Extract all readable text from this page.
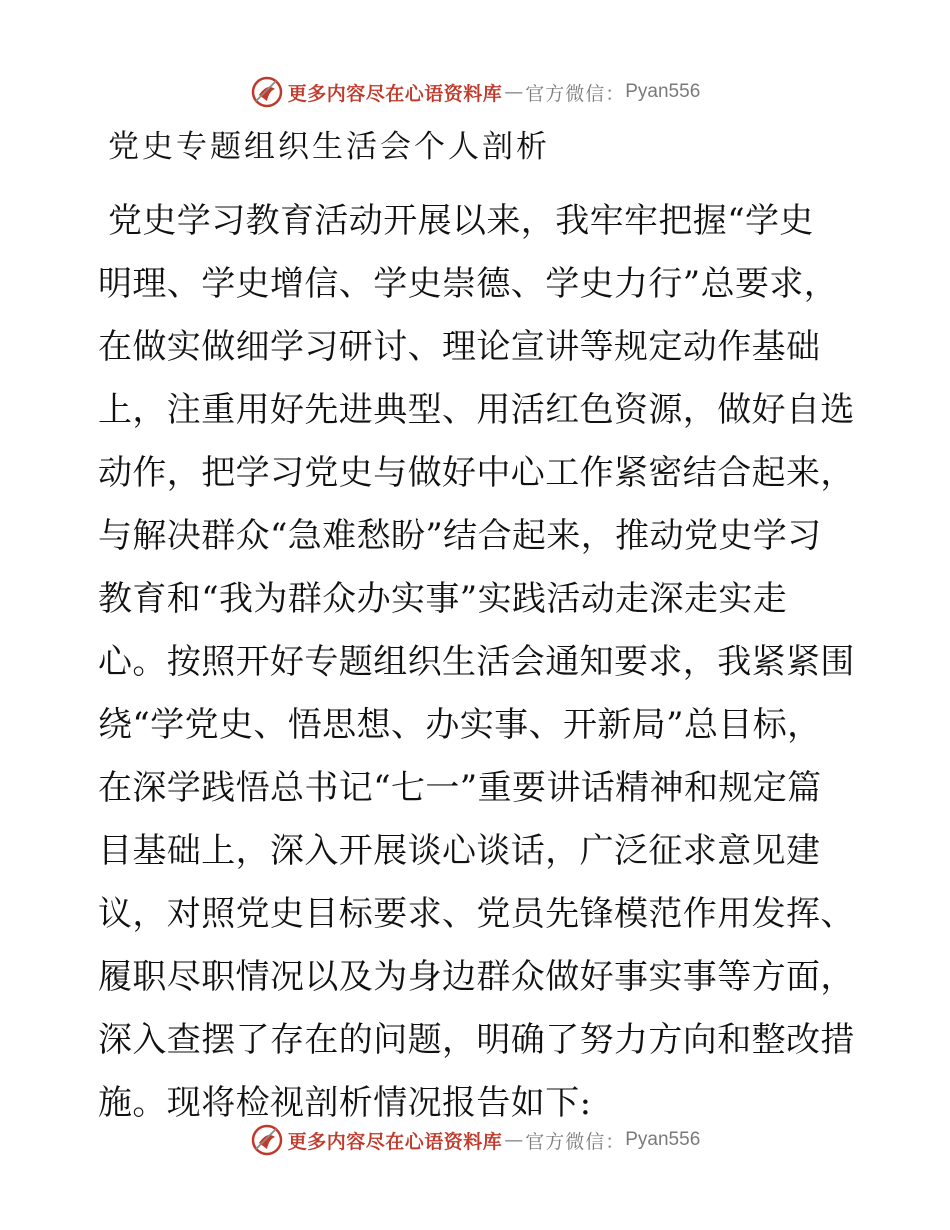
更多内容尽在心语资料库 — 官方微信： Pyan556
党史专题组织生活会个人剖析
党史学习教育活动开展以来，我牢牢把握“学史
明理、学史增信、学史崇德、学史力行”总要求，
在做实做细学习研讨、理论宣讲等规定动作基础
上，注重用好先进典型、用活红色资源，做好自选
动作，把学习党史与做好中心工作紧密结合起来，
与解决群众“急难愁盼”结合起来，推动党史学习
教育和“我为群众办实事”实践活动走深走实走
心。按照开好专题组织生活会通知要求，我紧紧围
绕“学党史、悟思想、办实事、开新局”总目标，
在深学践悟总书记“七一”重要讲话精神和规定篇
目基础上，深入开展谈心谈话，广泛征求意见建
议，对照党史目标要求、党员先锋模范作用发挥、
履职尽职情况以及为身边群众做好事实事等方面，
深入查摆了存在的问题，明确了努力方向和整改措
施。现将检视剖析情况报告如下:
更多内容尽在心语资料库 — 官方微信： Pyan556
